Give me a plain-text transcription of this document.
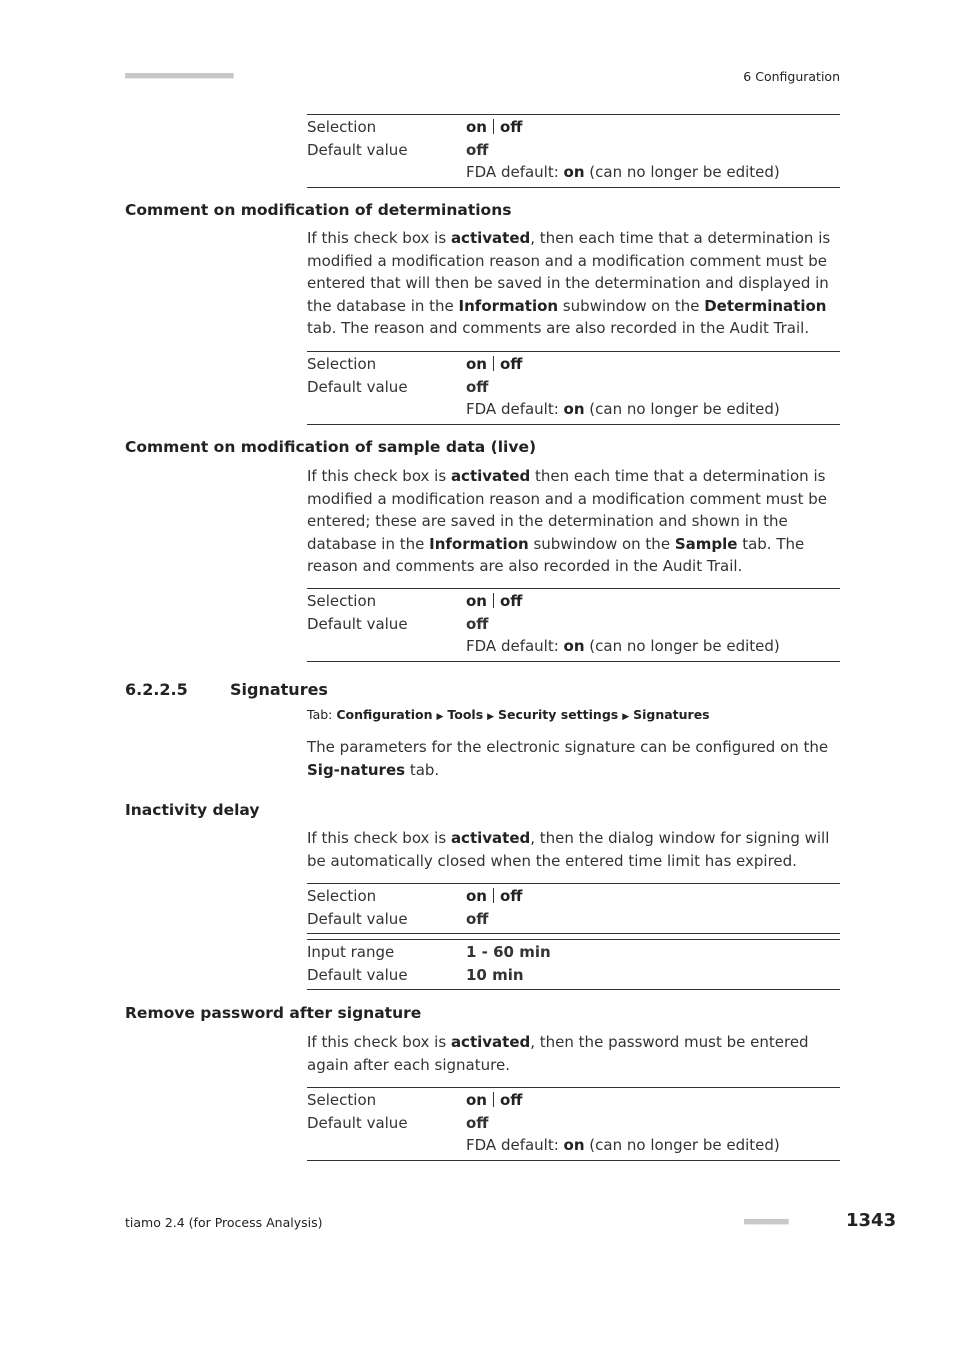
■■■■■■■■■■■■■■■■■■■■■■	6 Configuration
Selection	on off
Default value	off
FDA default: on (can no longer be edited)
Comment on modification of determinations
If this check box is activated, then each time that a determination is modified a modification reason and a modification comment must be entered that will then be saved in the determination and displayed in the database in the Information subwindow on the Determination tab. The reason and comments are also recorded in the Audit Trail.
Selection	on off
Default value	off
FDA default: on (can no longer be edited)
Comment on modification of sample data (live)
If this check box is activated then each time that a determination is modified a modification reason and a modification comment must be entered; these are saved in the determination and shown in the database in the Information subwindow on the Sample tab. The reason and comments are also recorded in the Audit Trail.
Selection	on off
Default value	off
FDA default: on (can no longer be edited)
6.2.2.5	Signatures
Tab: Configuration ▶ Tools ▶ Security settings ▶ Signatures
The parameters for the electronic signature can be configured on the Sig-natures tab.
Inactivity delay
If this check box is activated, then the dialog window for signing will be automatically closed when the entered time limit has expired.
Selection	on off
Default value	off
Input range	1 - 60 min
Default value	10 min
Remove password after signature
If this check box is activated, then the password must be entered again after each signature.
Selection	on off
Default value	off
FDA default: on (can no longer be edited)
tiamo 2.4 (for Process Analysis)	■■■■■■■■■	1343
